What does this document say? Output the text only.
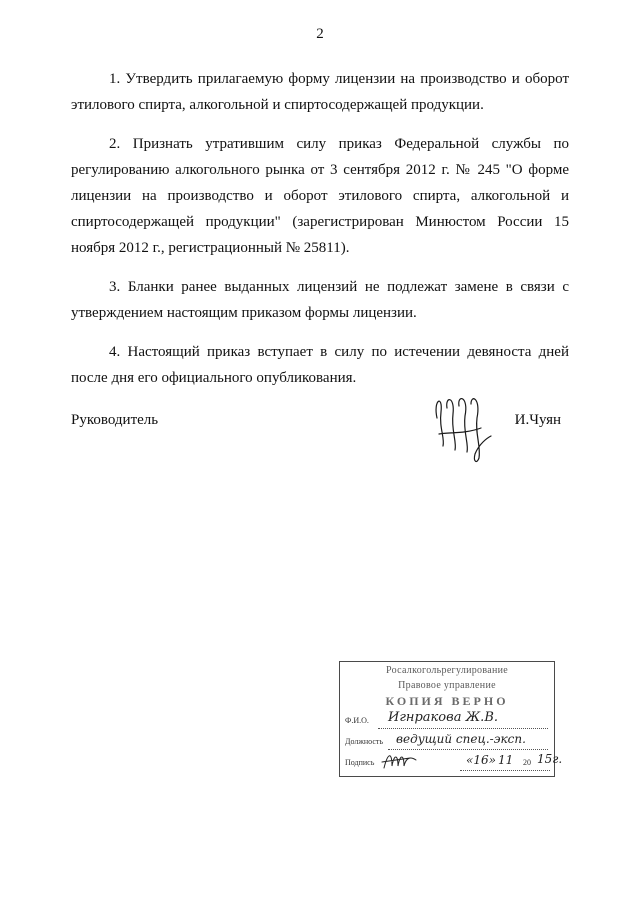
2

1. Утвердить прилагаемую форму лицензии на производство и оборот этилового спирта, алкогольной и спиртосодержащей продукции.

2. Признать утратившим силу приказ Федеральной службы по регулированию алкогольного рынка от 3 сентября 2012 г. № 245 "О форме лицензии на производство и оборот этилового спирта, алкогольной и спиртосодержащей продукции" (зарегистрирован Минюстом России 15 ноября 2012 г., регистрационный № 25811).

3. Бланки ранее выданных лицензий не подлежат замене в связи с утверждением настоящим приказом формы лицензии.

4. Настоящий приказ вступает в силу по истечении девяноста дней после дня его официального опубликования.

Руководитель	И.Чуян
Росалкогольрегулирование
Правовое управление
КОПИЯ ВЕРНО
Ф.И.О. Игнракова Ж.В.
Должность ведущий спец.-эксп.
Подпись	«16» 11 20 15г.
